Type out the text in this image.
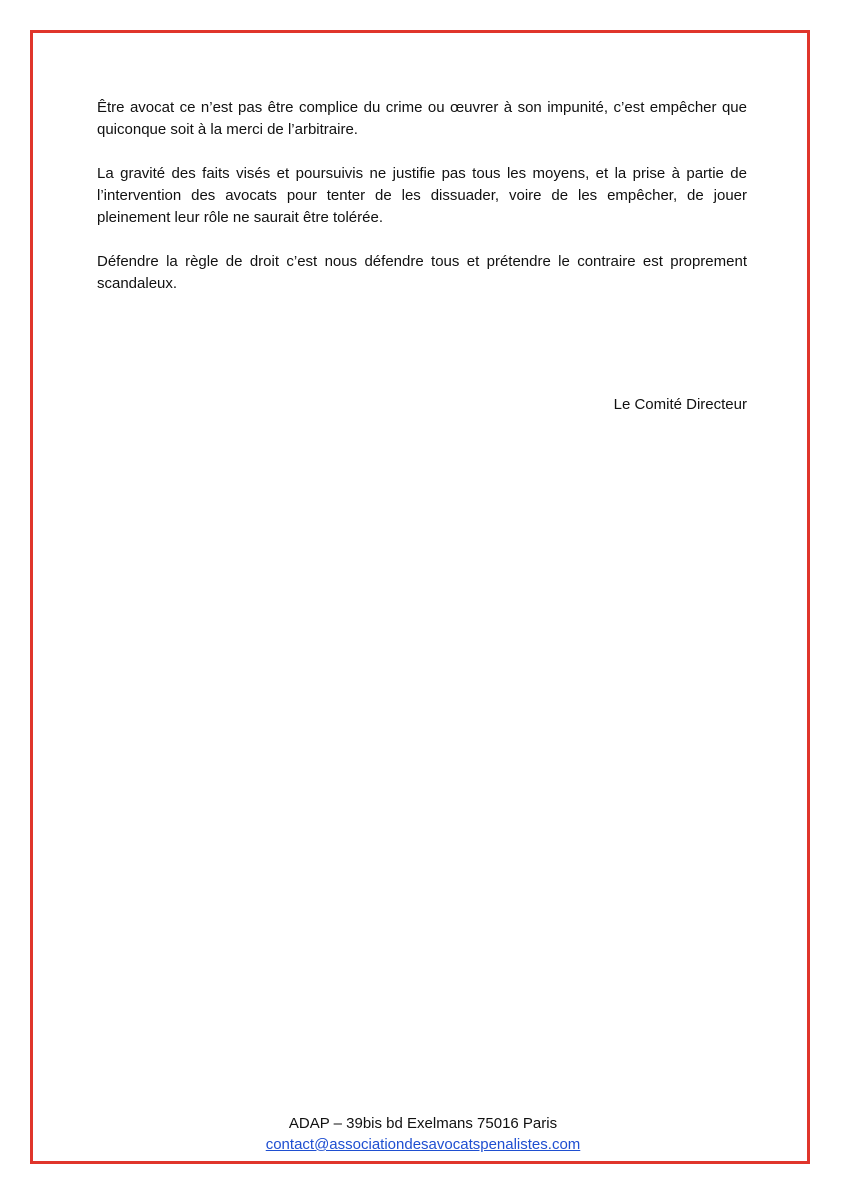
Être avocat ce n’est pas être complice du crime ou œuvrer à son impunité, c’est empêcher que quiconque soit à la merci de l’arbitraire.

La gravité des faits visés et poursuivis ne justifie pas tous les moyens, et la prise à partie de l’intervention des avocats pour tenter de les dissuader, voire de les empêcher, de jouer pleinement leur rôle ne saurait être tolérée.

Défendre la règle de droit c’est nous défendre tous et prétendre le contraire est proprement scandaleux.

Le Comité Directeur
ADAP – 39bis bd Exelmans 75016 Paris
contact@associationdesavocatspenalistes.com
